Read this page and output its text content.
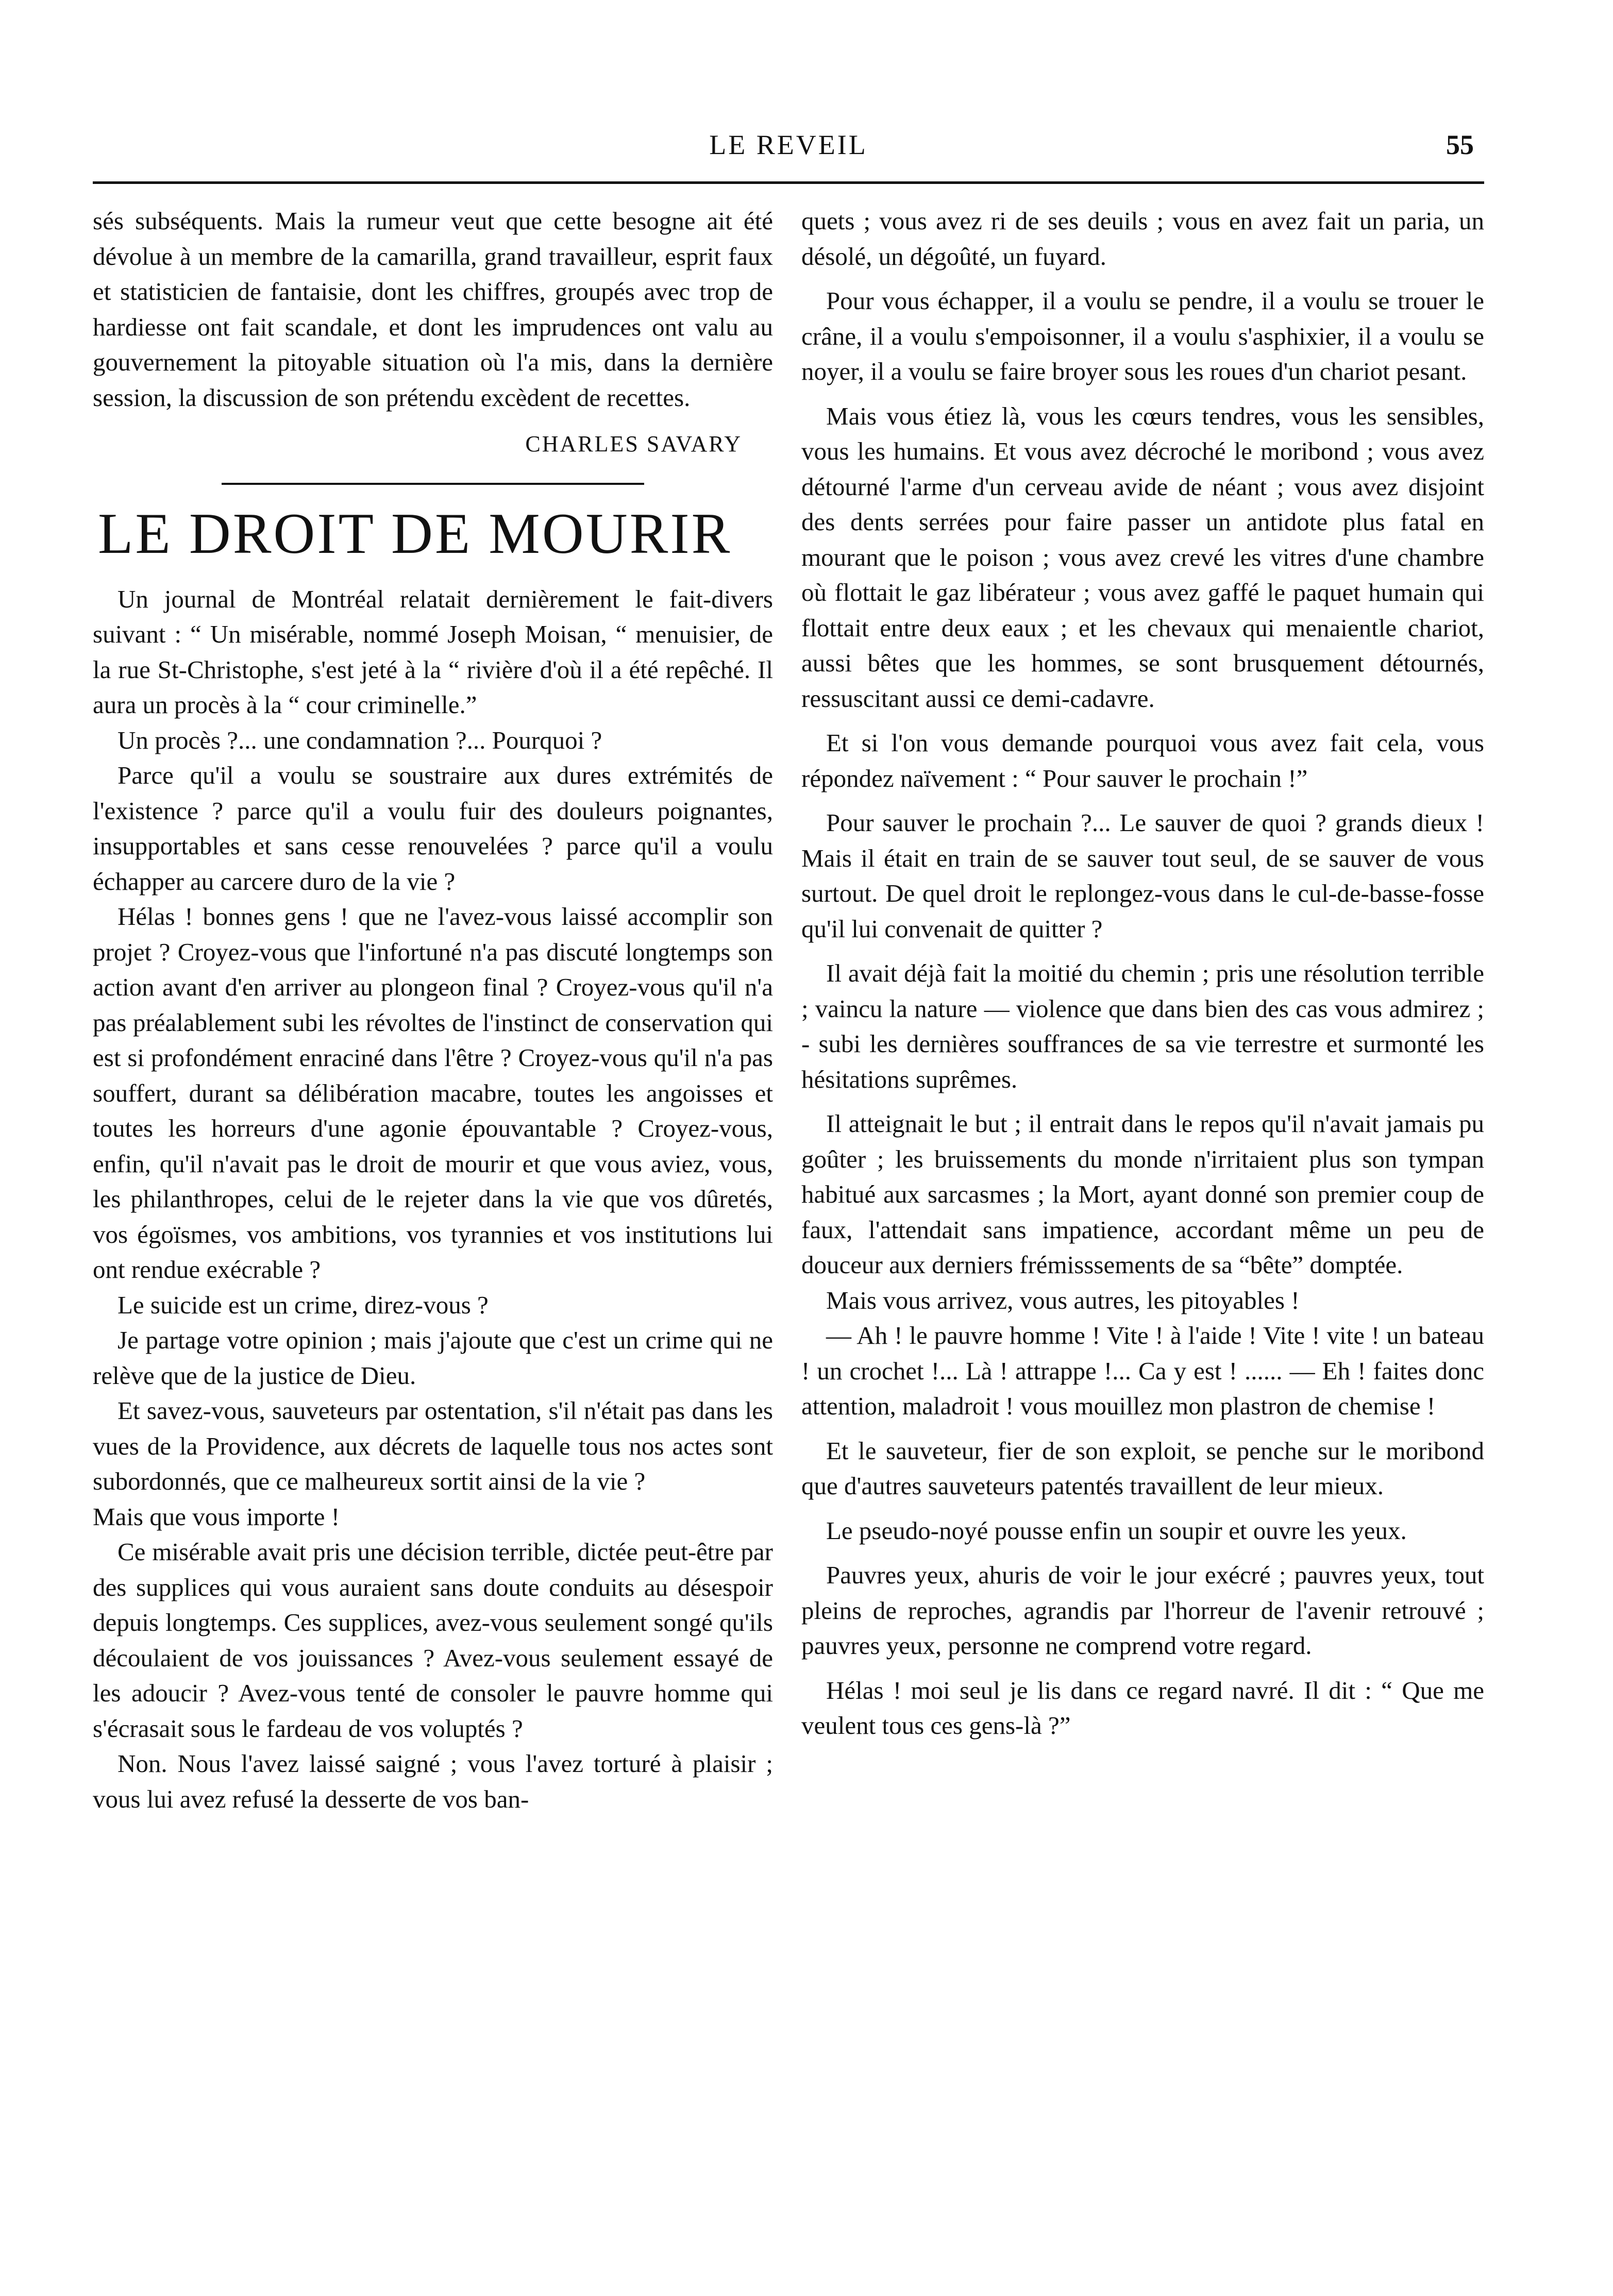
LE REVEIL	55

sés subséquents. Mais la rumeur veut que cette besogne ait été dévolue à un membre de la camarilla, grand travailleur, esprit faux et statisticien de fantaisie, dont les chiffres, groupés avec trop de hardiesse ont fait scandale, et dont les imprudences ont valu au gouvernement la pitoyable situation où l'a mis, dans la dernière session, la discussion de son prétendu excèdent de recettes.

CHARLES SAVARY

LE DROIT DE MOURIR

Un journal de Montréal relatait dernièrement le fait-divers suivant : “ Un misérable, nommé Joseph Moisan, “ menuisier, de la rue St-Christophe, s'est jeté à la “ rivière d'où il a été repêché. Il aura un procès à la “ cour criminelle.”

Un procès ?... une condamnation ?... Pourquoi ?

Parce qu'il a voulu se soustraire aux dures extrémités de l'existence ? parce qu'il a voulu fuir des douleurs poignantes, insupportables et sans cesse renouvelées ? parce qu'il a voulu échapper au carcere duro de la vie ?

Hélas ! bonnes gens ! que ne l'avez-vous laissé accomplir son projet ? Croyez-vous que l'infortuné n'a pas discuté longtemps son action avant d'en arriver au plongeon final ? Croyez-vous qu'il n'a pas préalablement subi les révoltes de l'instinct de conservation qui est si profondément enraciné dans l'être ? Croyez-vous qu'il n'a pas souffert, durant sa délibération macabre, toutes les angoisses et toutes les horreurs d'une agonie épouvantable ? Croyez-vous, enfin, qu'il n'avait pas le droit de mourir et que vous aviez, vous, les philanthropes, celui de le rejeter dans la vie que vos dûretés, vos égoïsmes, vos ambitions, vos tyrannies et vos institutions lui ont rendue exécrable ?

Le suicide est un crime, direz-vous ?

Je partage votre opinion ; mais j'ajoute que c'est un crime qui ne relève que de la justice de Dieu.

Et savez-vous, sauveteurs par ostentation, s'il n'était pas dans les vues de la Providence, aux décrets de laquelle tous nos actes sont subordonnés, que ce malheureux sortit ainsi de la vie ?

Mais que vous importe !

Ce misérable avait pris une décision terrible, dictée peut-être par des supplices qui vous auraient sans doute conduits au désespoir depuis longtemps. Ces supplices, avez-vous seulement songé qu'ils découlaient de vos jouissances ? Avez-vous seulement essayé de les adoucir ? Avez-vous tenté de consoler le pauvre homme qui s'écrasait sous le fardeau de vos voluptés ?

Non. Nous l'avez laissé saigné ; vous l'avez torturé à plaisir ; vous lui avez refusé la desserte de vos ban-

quets ; vous avez ri de ses deuils ; vous en avez fait un paria, un désolé, un dégoûté, un fuyard.

Pour vous échapper, il a voulu se pendre, il a voulu se trouer le crâne, il a voulu s'empoisonner, il a voulu s'asphixier, il a voulu se noyer, il a voulu se faire broyer sous les roues d'un chariot pesant.

Mais vous étiez là, vous les cœurs tendres, vous les sensibles, vous les humains. Et vous avez décroché le moribond ; vous avez détourné l'arme d'un cerveau avide de néant ; vous avez disjoint des dents serrées pour faire passer un antidote plus fatal en mourant que le poison ; vous avez crevé les vitres d'une chambre où flottait le gaz libérateur ; vous avez gaffé le paquet humain qui flottait entre deux eaux ; et les chevaux qui menaientle chariot, aussi bêtes que les hommes, se sont brusquement détournés, ressuscitant aussi ce demi-cadavre.

Et si l'on vous demande pourquoi vous avez fait cela, vous répondez naïvement : “ Pour sauver le prochain !”

Pour sauver le prochain ?... Le sauver de quoi ? grands dieux ! Mais il était en train de se sauver tout seul, de se sauver de vous surtout. De quel droit le replongez-vous dans le cul-de-basse-fosse qu'il lui convenait de quitter ?

Il avait déjà fait la moitié du chemin ; pris une résolution terrible ; vaincu la nature — violence que dans bien des cas vous admirez ; - subi les dernières souffrances de sa vie terrestre et surmonté les hésitations suprêmes.

Il atteignait le but ; il entrait dans le repos qu'il n'avait jamais pu goûter ; les bruissements du monde n'irritaient plus son tympan habitué aux sarcasmes ; la Mort, ayant donné son premier coup de faux, l'attendait sans impatience, accordant même un peu de douceur aux derniers frémisssements de sa “bête” domptée.

Mais vous arrivez, vous autres, les pitoyables !

— Ah ! le pauvre homme ! Vite ! à l'aide ! Vite ! vite ! un bateau ! un crochet !... Là ! attrappe !... Ca y est ! ...... — Eh ! faites donc attention, maladroit ! vous mouillez mon plastron de chemise !

Et le sauveteur, fier de son exploit, se penche sur le moribond que d'autres sauveteurs patentés travaillent de leur mieux.

Le pseudo-noyé pousse enfin un soupir et ouvre les yeux.

Pauvres yeux, ahuris de voir le jour exécré ; pauvres yeux, tout pleins de reproches, agrandis par l'horreur de l'avenir retrouvé ; pauvres yeux, personne ne comprend votre regard.

Hélas ! moi seul je lis dans ce regard navré. Il dit : “ Que me veulent tous ces gens-là ?”
